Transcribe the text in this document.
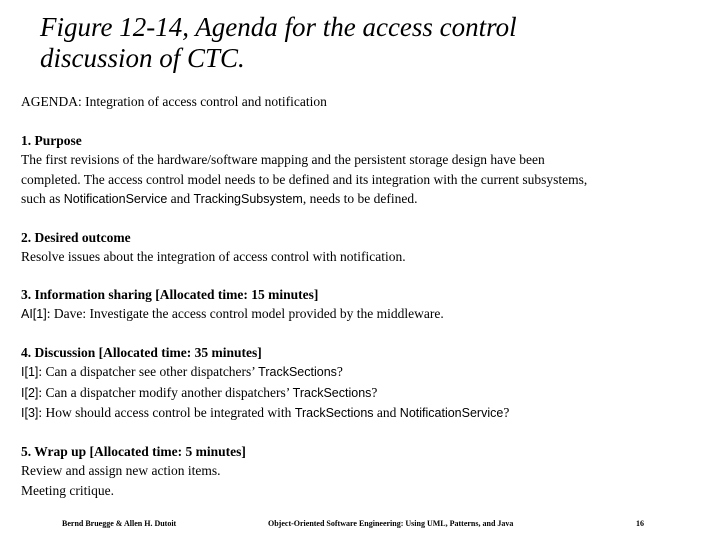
Figure 12-14, Agenda for the access control
discussion of CTC.

AGENDA: Integration of access control and notification

1. Purpose

The first revisions of the hardware/software mapping and the persistent storage design have been

completed. The access control model needs to be defined and its integration with the current subsystems,

such as NotificationService and TrackingSubsystem, needs to be defined.

2. Desired outcome

Resolve issues about the integration of access control with notification.

3. Information sharing [Allocated time: 15 minutes]

AI[1]: Dave: Investigate the access control model provided by the middleware.

4. Discussion [Allocated time: 35 minutes]

I[1]: Can a dispatcher see other dispatchers’ TrackSections?

I[2]: Can a dispatcher modify another dispatchers’ TrackSections?

I[3]: How should access control be integrated with TrackSections and NotificationService?

5. Wrap up [Allocated time: 5 minutes]

Review and assign new action items.

Meeting critique.

Bernd Bruegge & Allen H. Dutoit	Object-Oriented Software Engineering: Using UML, Patterns, and Java	16
